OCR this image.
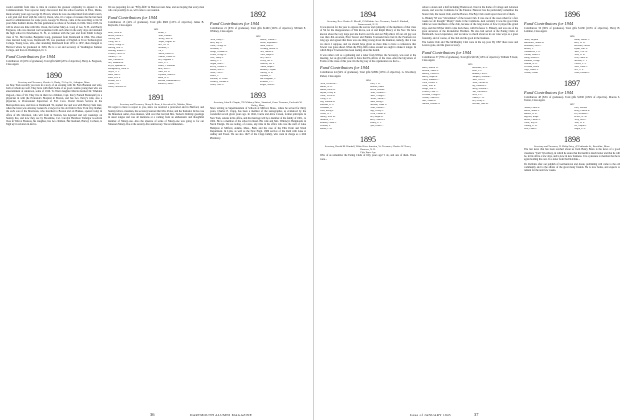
would establish from time to time in rotation the greatest originality in apparel to the Commencement. Your reporter lately discovered that his school teachers in Eliot, Maine, made seventy years ago George W. Brown, where he was one-time hired from small town's, a soft plait and lived with his wife by Owen, who, ill a vague of treasure that he had been used for administration for some years, George W. Brown, came at the sure thing to his 50 years Miss Kathie's Rome. He fine gentleman as whole of Scotland, in 1904. Since 1935, he will be about one time with Mrs. Owen, the former Mary A. Long of Lee, N. H., and Hardy Ferguson, who was married well acquainted with each other in the early days and attended the high school in Newmarket, N. H., at common with the year and from Smith College class of '91. Her brother, Benjamin Long, graduated from Dartmouth in 1894. The oldest class married Leng Goss, Dartmouth '08, was president of English at Trost Technological College. Young Goss, who, after attending Dartmouth from 1931 to 1937, then changed to Harvard where he graduated in 1939, He is a sat and secretary of Washington Sumner College, and lives in Washington, D. C.

Fund Contributors for 1944

Contributors 19 (19% of graduates). Total gifts $490 (20% of objective). Harry A. Ferguson, Class Agent.

1890
Secretary and Treasurer, Charles A. Hardy, 75 Gay St., Arlington, Mass.

As New York recently you note in a story of an evening with Dr. Fern Brennan and wife, both of whom are well. They have with them Some of us good cousins young men who are entertainment of Anderson, some of 1916. To Their daughter Marcia married Dr. Whelden Osgood, class of '26. They live in their two children, Capt. Percy Furnell Bernstein's) is a physician in with the Evanston's Hospital in Boston, and has two. Percy's wife, also a physician, is Professional Supervisor of Fort Cove. Dorial Dozen Service in the Metropolitan area, and lives at Dartmouth '32, studied law and was with Harvey Sant later, when the latter was Attorney General's a lawyer for his old firm in New York City. Rather, the sad's son of the Morrisons, who marched to Boston and on Hankes, opened today in office of Mr. Morrison, who will form in Trenton, has departed and cell weekdays on Sunday has, and now they are by Brookline, Col. Carolyn Haridson Trafalgar Goodwin lives in Wilcox Branson, his daughter, has two children. Her husband, Harvey Cochren, is 'high up' in aviation in Africa.

We are preparing for our "Fifty-fifth" in Hanover next June, and are hoping that every man who can possibly do so, will come to our reunion.

Fund Contributors for 1944

Contributors 13 (42% of graduates). Total gifts $600 (125% of objective). James B. Reynolds, Class Agent.

1891
Bean, Alvin W.	Bolton, J.
Brown, Ernest J.	Carter, Edward
Cheney, Earl	Cheney, Wm. W.
Colby, Jas. S.	Cooper, Eugene M.
Cutler, George H.	Dale, Ch. H.
Darling, Wm. S.	Davidson, J.
Dorning, Robert G.	Felt, J.
Fletcher, Fred'k H.	Francis, Daniel S.
Gardner, C. W.	Gilmore, Edwin W.
Hale, Edward W.	Hall, Augustus F.
Hill, Edmund M.	Howe, E. J.
Keyes, Ephraim W.	Kidder, J. Edwards
Montgomery, Oscar D.	Mills, Wm. G.
Noyes, A. Y.	Potter, Ed. H.
Rand, John F.	Reynolds, James B.
Shaw, Levi S.	Smith, W. E.
Stetson, Ed. J.	Sullivan, Bartholomew F.
Tucker, J. B.	Wardwell, John J.
Wood, Frederick W.
1891
Secretary and Treasurer, Henry B. Bean, 4 Greenleaf St., Malden, Mass.

We regret to have to report to you, since we received a protracted and in Hartford, and Sunday fellow-classmen, the secretary learned that Mrs. Potter, and her husband. In the case the Manelson outlet, class musters, with over that last had Mrs. Tucker's birthday greetings in usual tongue and was all mentions at a coming from an enthusiastic and thoughtful member of Ninety-one. Also the absence of some of Ninety-one was going to for our Nineteen Ninety-five at the seventy-five anniversary. We recommended...

1892
Fund Contributors for 1944

Contributors 21 (63% of graduates). Total gifts $1490 (100% of objective). William E. Whitney, Class Agent.

1892
Allen, Harry C.	Battelle, Wilton G.
Bliss, Ray A.	Brown, Raymond F.
Chase, George W.	Dakin, John B.
Dearborn, A.	Deeming, Morris H.
Dodge, Herman W.	Ellis, Harold E.
Felton, George N.	Ferris, Ralph E.
Gore, Harry S.	Hall, Fred S.
Hasley, E. C.	Hersey, Jas. L.
Hogan, John C.	Huntress, Jas. L.
Kelley, Charles A.	Lemon, Ralph J.
Mason, Wm. E.	Moulton, Clayton
Noble, Carl E.	Ordway, H. W.
Parker, C.	Reynolds, E.
Sullivan, W. Victor	Van Houghton, C.
Whitney, William E.	Williams, C. C.
Witter, Alice E.	Wright, Alfred F.
1893
Secretary, John R. Chapin, 795 Whitney Drive, Stamford, Conn. Treasurer, Frederick W. Bailey, Mass.

Since writing as Superintendent of Schools at Milford, Mass., where he served for thirty years, Charles E. Clapp, has been a member of the stenographer, as evidenced by the wonderful record given years ago. In 1942, Carrie and Alice Carsen, former principals in New York, returns in his office, and his marriage will be a member of the family of 1901, 1a 1902. He is a member of the school in Rand. His wife and Mrs. Whitney's Hammonds in Naval Ensign. We are noting, of course, any time in his office who was the staff of Lake Hampton at Milford, Adams, Mass., Bath, and the case of the Ellis Point and Wash Department. In Lynn, as well as the New Engd. 1886 service of the Rath with Lake at Ashley and Essex. We are also 1927 of the Clapp family, who went in charge as a 16th Pharmacy.

36	DARTMOUTH ALUMNI MAGAZINE
1894
Secretary, Rev. Charles E. Merrill, 23 Wiltshire Ave. Treasurer, Frank E. Kimball, Somersworth, N. H.

It was known for the year to express the sorrow and sympathy of the members of that class of '94 for the disappearance of Wm Rowe, son of and Ralph Maxcy of the Nov. We have known about the very large part she had in our life and our Fifty-third. Of our old gay son was then Jim Acornan, Eliot Tewart and Emmie Townsend have had in the Fourteen not long ago and agreed that there was one thing wrong about the Reunion, namely, that it was too short. I suppose, and we should have given us more time to have a conference that Tewart was gone ahead. When the Fifty-fifth comes around we ought to make it longer. In which Major Townsend has been feeling about his health.

It was rather cold as a gathering and a letter from Wilbur, the Secretary, was read at the meeting. Let us give him credit to have that Ex-officio of the class. After the big letters of Forms of the class of this year. On the big way of the organization we had a...

Fund Contributors for 1944

Contributors 44 (94% of graduates). Total gifts $1889 (105% of objective). G. Woodbury Parker, Class Agent.

1894
Allen, Frederick C.	Allen, J. W.
Barber, W. B.	Barrows, James
Barton, Rolla W.	Bowen, Edward
Bryant, Henry K.	Carter, Thomas C.
Chase, Lewis B.	Chase, George L.
Colby, E. R.	Currier, Alfred G.
Day, Edward M.	Eaton, Irving F.
Edwards, R. G.	Emerson, Frank N.
Fairbanks, B.	Foster, Harold C.
Frost, Irving S.	Gage, Henry A.
Gould, H. J.	Green, Charles E.
Hadley, Jesse M.	Hall, Ralph M.
Huntress, A. T.	Jones, Charles S.
Kimball, Frank E.	Kinney, E. F.
Leonard, L.	Lyon, Frank C.
Mason, J. M.
1895
Secretary, Harold M. Kimball, White River Junction, Vt. Treasurer, Charles W. Tower, Hanover, N. H.
Fifty Years Ago

Who of us remember the Eating Clubs of fifty years ago? I do, and one of them. There were...

About a dozen and a half including Brentwood, lived at the home of College and Lebanon streets, and was the Commons for the Eleanor. Hanover has Ka particularly remember the Stone Club, the Green Club, and the Horace. The Bay Club could report most all of them.

G. Blakely '95 was "Uncommon" of the Green Club. It was one of the cases when for a few weeks we all thought "Monty" made it the Commons. And certainly it was his good time while we were members of the club, because of the long stories of how it played the grand days, and that Wilber didn't come back there, with Professor C. Blakely, and was one of the great ancestors of the Rockefeller Brothers. He also had served at the Eating Clubs of Dartmouth. Good experience, and we know so much about us in our wise ways as a great fraternity, and of course, of the club and the good in the business.

The Gentle Club and The McMurphy Club were in the top year. By 1897 there were and Lestors gone, and the great recovery.

Fund Contributors for 1944

Contributors 37 (79% of graduates). Total gifts $2158 (118% of objective). William F. Kent, Class Agent.

1895
Baker, Warren W.	Batchelder, W. E.
Bennett, Albert H.	Blake, L. P.
Blakely, Gilbert R.	Burbank, Fred R.
Burley, Ralph M.	Campbell, Howard C.
Carter, Emanuel C.	Chase, Fred A.
Cook, Charles L.	Cooke, Lucius M.
Crane, Wm. R.	Day, Harrison T.
Dodge, Wm. E.	Emery, Howard F.
Fletcher, Chas. G.	Flint, Carleton B.
Freeman, George H.	Gates, L. E.
Gibson, Charles R.	Gilman, L. W.
Hale, Arthur R.	Hall, Henry L.
Hanson, Edward H.	Hazelton, John M.
1896
Fund Contributors for 1944

Contributors 50 (86% of graduates). Total gifts $1180 (118% of objective). Harry H. Lattimer, Class Agent.

1896
Amen, Stephen	Austin, Horace C.
Batchelder, Arthur M.	Bates, W. W.
Beaumont, Ellis G.	Bosworth, Lucius
Brooks, F.	Bryant, Wm. E.
Chamberlin, F. H.	Chase, Geo. W.
Conant, Walter S.	Cross, D. W.
Dalby, Robert H.	Drew, Frank W.
Eastman, George	Emerson, A. T.
Farnum, W. H.	Fellows, L. S.
Freeman, Ernest	Fuller, Frank C.
Gage, Walter S.	Gale, G. E.
Gibson, Arthur	Gould, Edward F.
1897
Fund Contributors for 1944

Contributors 48 (84% of graduates). Total gifts $1630 (109% of objective). Marcus S. Turner, Class Agent.

1897
Abbott, Frank W.	Allen, Edward
Bacon, Arthur S.	Bailey, Francis R.
Bartlett, W. K.	Bell, William E.
Bigelow, Ralph	Brewer, W. M.
Brown, Charles F.	Carey, Otis E.
Chase, Roy W.	Clark, W. E.
Cutting, D. W.	Doe, Ralph H.
Dow, Frank P.	Durgin, E. H.
1898
Secretary and Treasurer, H. Philip Patey, 47 Fairbanks St., Brookline, Mass.

The last news that has been reached about us from Henry Bates is the news of a good classmate "Tom" Woodbury, in which he states that his health is much better and that he will be, in his office a few days, and is now in new business. It is a pleasure to mention that he is again holding his own. In a letter from Ned Robbins...

Dr. Robbins after our publish of Germantown and Jessie, publishing will come to the old community and to the affairs of the great many friends. He is now home, and expects to remain for the next few weeks.

Issue of JANUARY 1945	37
